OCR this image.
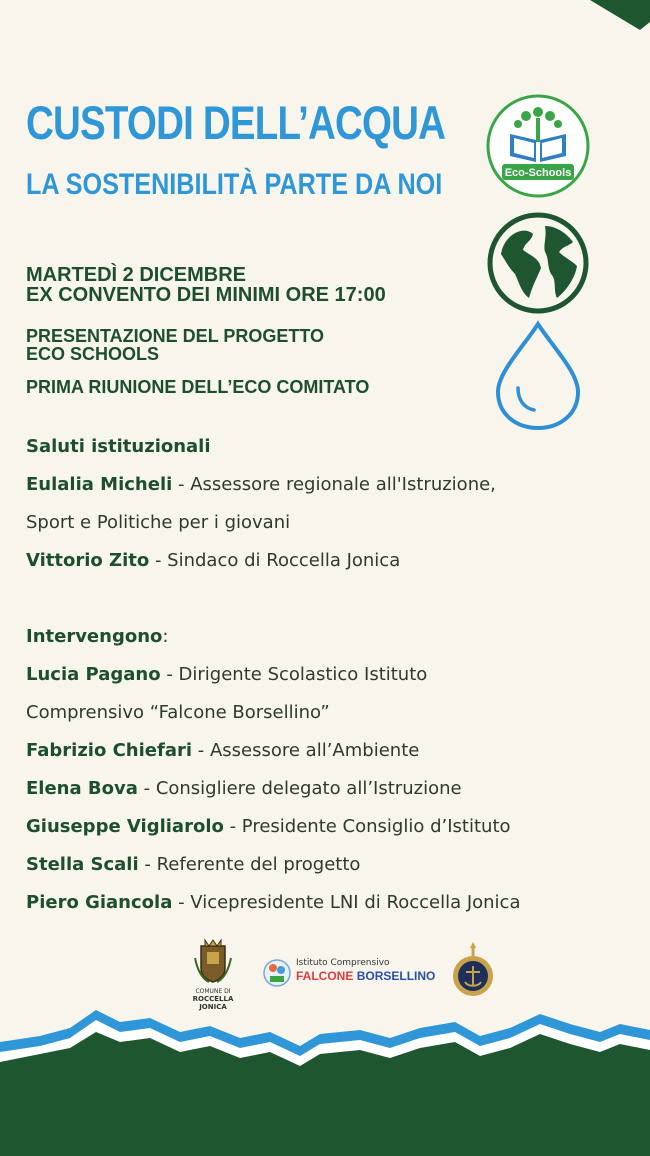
CUSTODI DELL’ACQUA
LA SOSTENIBILITÀ PARTE DA NOI
MARTEDÌ 2 DICEMBRE
EX CONVENTO DEI MINIMI ORE 17:00
PRESENTAZIONE DEL PROGETTO
ECO SCHOOLS
PRIMA RIUNIONE DELL’ECO COMITATO
Saluti istituzionali
Eulalia Micheli - Assessore regionale all'Istruzione,
Sport e Politiche per i giovani
Vittorio Zito - Sindaco di Roccella Jonica
Intervengono:
Lucia Pagano - Dirigente Scolastico Istituto
Comprensivo “Falcone Borsellino”
Fabrizio Chiefari - Assessore all’Ambiente
Elena Bova - Consigliere delegato all’Istruzione
Giuseppe Vigliarolo - Presidente Consiglio d’Istituto
Stella Scali - Referente del progetto
Piero Giancola - Vicepresidente LNI di Roccella Jonica
Eco-Schools
COMUNE DI
ROCCELLA JONICA
Istituto Comprensivo
FALCONE BORSELLINO
